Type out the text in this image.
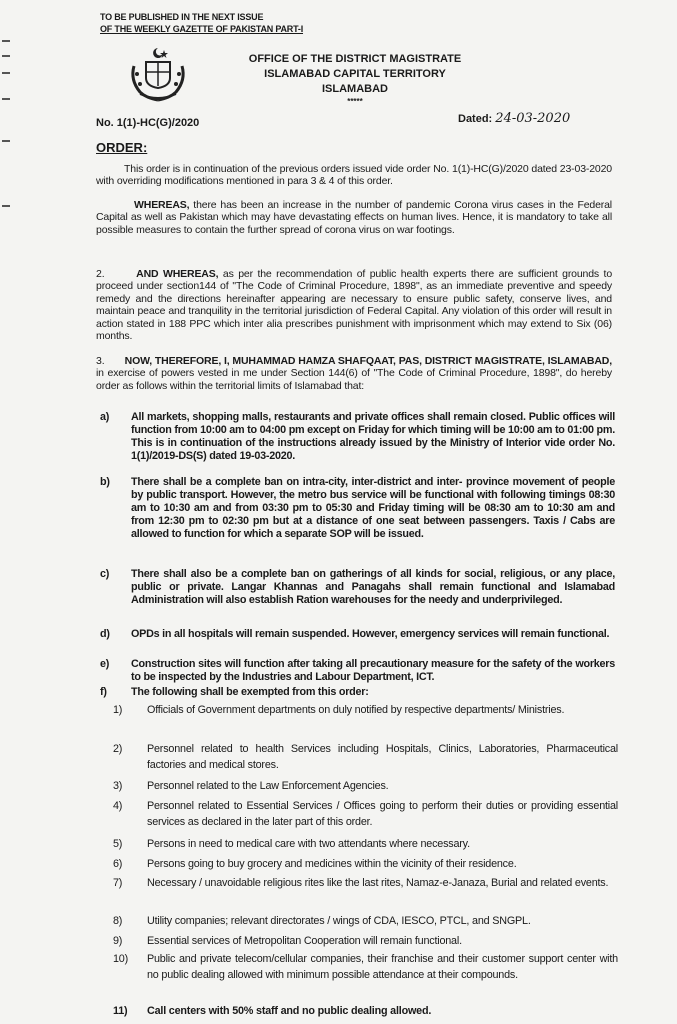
TO BE PUBLISHED IN THE NEXT ISSUE
OF THE WEEKLY GAZETTE OF PAKISTAN PART-I
OFFICE OF THE DISTRICT MAGISTRATE
ISLAMABAD CAPITAL TERRITORY
ISLAMABAD
*****
No. 1(1)-HC(G)/2020	Dated: 24-03-2020
ORDER:
This order is in continuation of the previous orders issued vide order No. 1(1)-HC(G)/2020 dated 23-03-2020 with overriding modifications mentioned in para 3 & 4 of this order.
WHEREAS, there has been an increase in the number of pandemic Corona virus cases in the Federal Capital as well as Pakistan which may have devastating effects on human lives. Hence, it is mandatory to take all possible measures to contain the further spread of corona virus on war footings.
2.	AND WHEREAS, as per the recommendation of public health experts there are sufficient grounds to proceed under section144 of "The Code of Criminal Procedure, 1898", as an immediate preventive and speedy remedy and the directions hereinafter appearing are necessary to ensure public safety, conserve lives, and maintain peace and tranquility in the territorial jurisdiction of Federal Capital. Any violation of this order will result in action stated in 188 PPC which inter alia prescribes punishment with imprisonment which may extend to Six (06) months.
3. NOW, THEREFORE, I, MUHAMMAD HAMZA SHAFQAAT, PAS, DISTRICT MAGISTRATE, ISLAMABAD, in exercise of powers vested in me under Section 144(6) of "The Code of Criminal Procedure, 1898", do hereby order as follows within the territorial limits of Islamabad that:
a)	All markets, shopping malls, restaurants and private offices shall remain closed. Public offices will function from 10:00 am to 04:00 pm except on Friday for which timing will be 10:00 am to 01:00 pm. This is in continuation of the instructions already issued by the Ministry of Interior vide order No. 1(1)/2019-DS(S) dated 19-03-2020.
b)	There shall be a complete ban on intra-city, inter-district and inter- province movement of people by public transport. However, the metro bus service will be functional with following timings 08:30 am to 10:30 am and from 03:30 pm to 05:30 and Friday timing will be 08:30 am to 10:30 am and from 12:30 pm to 02:30 pm but at a distance of one seat between passengers. Taxis / Cabs are allowed to function for which a separate SOP will be issued.
c)	There shall also be a complete ban on gatherings of all kinds for social, religious, or any place, public or private. Langar Khannas and Panagahs shall remain functional and Islamabad Administration will also establish Ration warehouses for the needy and underprivileged.
d)	OPDs in all hospitals will remain suspended. However, emergency services will remain functional.
e)	Construction sites will function after taking all precautionary measure for the safety of the workers to be inspected by the Industries and Labour Department, ICT.
f)	The following shall be exempted from this order:
1)	Officials of Government departments on duly notified by respective departments/ Ministries.
2)	Personnel related to health Services including Hospitals, Clinics, Laboratories, Pharmaceutical factories and medical stores.
3)	Personnel related to the Law Enforcement Agencies.
4)	Personnel related to Essential Services / Offices going to perform their duties or providing essential services as declared in the later part of this order.
5)	Persons in need to medical care with two attendants where necessary.
6)	Persons going to buy grocery and medicines within the vicinity of their residence.
7)	Necessary / unavoidable religious rites like the last rites, Namaz-e-Janaza, Burial and related events.
8)	Utility companies; relevant directorates / wings of CDA, IESCO, PTCL, and SNGPL.
9)	Essential services of Metropolitan Cooperation will remain functional.
10)	Public and private telecom/cellular companies, their franchise and their customer support center with no public dealing allowed with minimum possible attendance at their compounds.
11)	Call centers with 50% staff and no public dealing allowed.
